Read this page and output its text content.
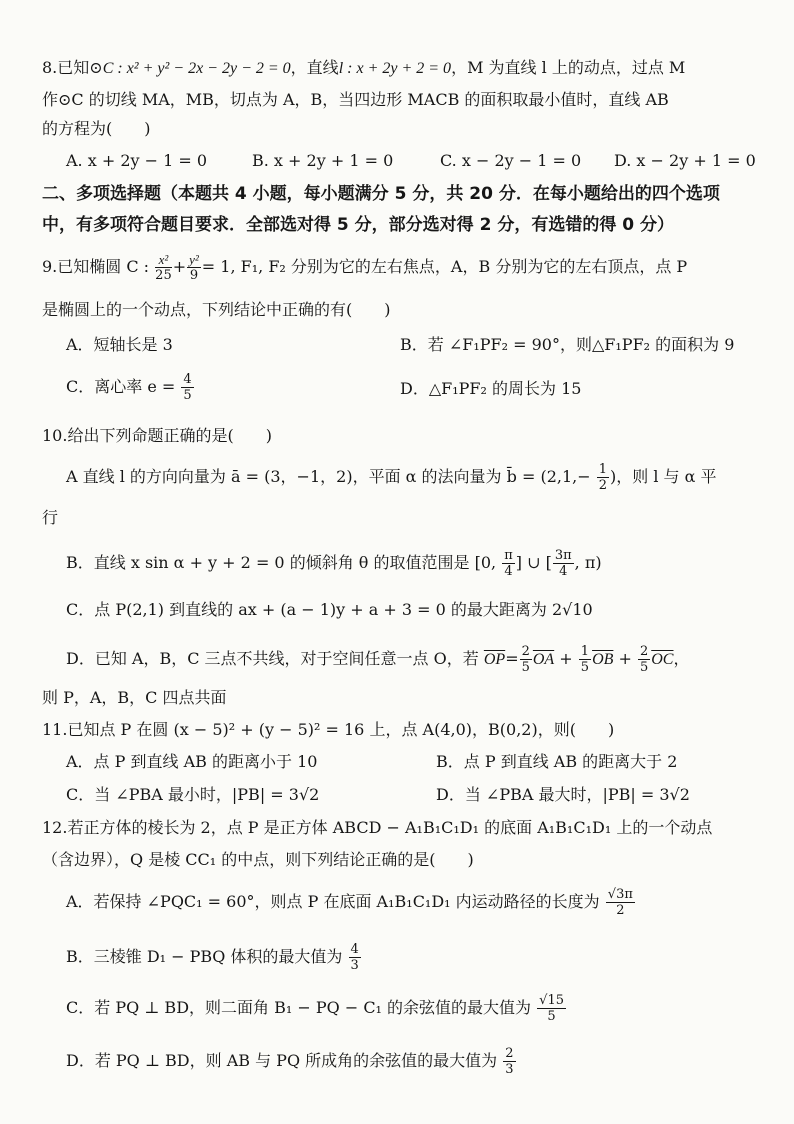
8.已知⊙C : x² + y² − 2x − 2y − 2 = 0，直线l : x + 2y + 2 = 0，M 为直线 l 上的动点，过点 M
作⊙C 的切线 MA，MB，切点为 A，B，当四边形 MACB 的面积取最小值时，直线 AB
的方程为(　　)
A. x + 2y − 1 = 0	B. x + 2y + 1 = 0	C. x − 2y − 1 = 0 D. x − 2y + 1 = 0
二、多项选择题（本题共 4 小题，每小题满分 5 分，共 20 分．在每小题给出的四个选项
中，有多项符合题目要求．全部选对得 5 分，部分选对得 2 分，有选错的得 0 分）
9.已知椭圆 C : $\frac{\text{x²}}{25} + \frac{\text{y²}}{9} = 1$, F₁, F₂ 分别为它的左右焦点，A，B 分别为它的左右顶点，点 P
是椭圆上的一个动点，下列结论中正确的有(　　)
A．短轴长是 3	B．若 ∠F₁PF₂ = 90°，则△F₁PF₂ 的面积为 9
C．离心率 $e = \frac{4}{5}$	D．△F₁PF₂ 的周长为 15
10.给出下列命题正确的是(　　)
A 直线 l 的方向向量为 ā = (3，−1，2)，平面 α 的法向量为 b̄ = ($2,1,- \frac{1}{2}$ )，则 l 与 α 平
行
B．直线 x sin α + y + 2 = 0 的倾斜角 θ 的取值范围是 [0, $\frac{\pi}{4}$ ] ∪ [ $\frac{3\pi}{4}$ , π)
C．点 P(2,1) 到直线的 ax + (a − 1)y + a + 3 = 0 的最大距离为 2√10
D．已知 A，B，C 三点不共线，对于空间任意一点 O，若 $\overline{OP}= \frac{2}{5} \overline{OA} + \frac{1}{5} \overline{OB} + \frac{2}{5} \overline{OC}$，
则 P，A，B，C 四点共面
11.已知点 P 在圆 (x − 5)² + (y − 5)² = 16 上，点 A(4,0)，B(0,2)，则(　　)
A．点 P 到直线 AB 的距离小于 10	B．点 P 到直线 AB 的距离大于 2
C．当 ∠PBA 最小时，|PB| = 3√2	D．当 ∠PBA 最大时，|PB| = 3√2
12.若正方体的棱长为 2，点 P 是正方体 ABCD − A₁B₁C₁D₁ 的底面 A₁B₁C₁D₁ 上的一个动点
（含边界），Q 是棱 CC₁ 的中点，则下列结论正确的是(　　)
A．若保持 ∠PQC₁ = 60°，则点 P 在底面 A₁B₁C₁D₁ 内运动路径的长度为 $\frac{√3\pi}{2}$
B．三棱锥 D₁ − PBQ 体积的最大值为 $\frac{4}{3}$
C．若 PQ ⊥ BD，则二面角 B₁ − PQ − C₁ 的余弦值的最大值为 $\frac{√15}{5}$
D．若 PQ ⊥ BD，则 AB 与 PQ 所成角的余弦值的最大值为 $\frac{2}{3}$
